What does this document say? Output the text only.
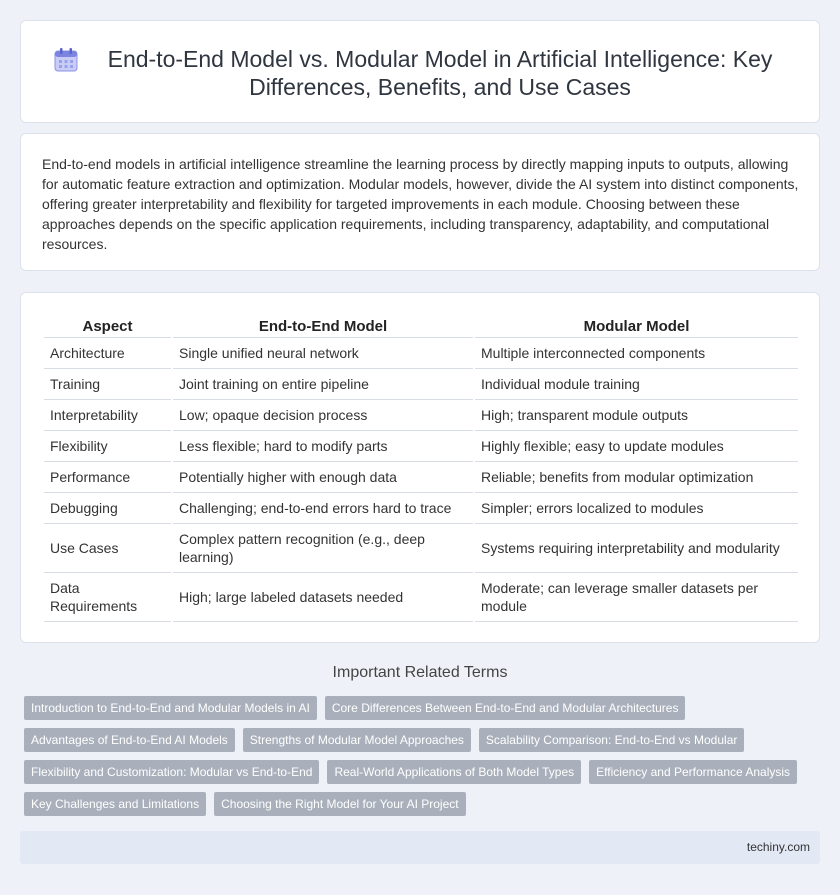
End-to-End Model vs. Modular Model in Artificial Intelligence: Key Differences, Benefits, and Use Cases

End-to-end models in artificial intelligence streamline the learning process by directly mapping inputs to outputs, allowing for automatic feature extraction and optimization. Modular models, however, divide the AI system into distinct components, offering greater interpretability and flexibility for targeted improvements in each module. Choosing between these approaches depends on the specific application requirements, including transparency, adaptability, and computational resources.

Aspect	End-to-End Model	Modular Model
Architecture	Single unified neural network	Multiple interconnected components
Training	Joint training on entire pipeline	Individual module training
Interpretability	Low; opaque decision process	High; transparent module outputs
Flexibility	Less flexible; hard to modify parts	Highly flexible; easy to update modules
Performance	Potentially higher with enough data	Reliable; benefits from modular optimization
Debugging	Challenging; end-to-end errors hard to trace	Simpler; errors localized to modules
Use Cases	Complex pattern recognition (e.g., deep learning)	Systems requiring interpretability and modularity
Data Requirements	High; large labeled datasets needed	Moderate; can leverage smaller datasets per module
Important Related Terms
Introduction to End-to-End and Modular Models in AI	Core Differences Between End-to-End and Modular Architectures
Advantages of End-to-End AI Models	Strengths of Modular Model Approaches	Scalability Comparison: End-to-End vs Modular
Flexibility and Customization: Modular vs End-to-End	Real-World Applications of Both Model Types	Efficiency and Performance Analysis
Key Challenges and Limitations	Choosing the Right Model for Your AI Project
techiny.com
